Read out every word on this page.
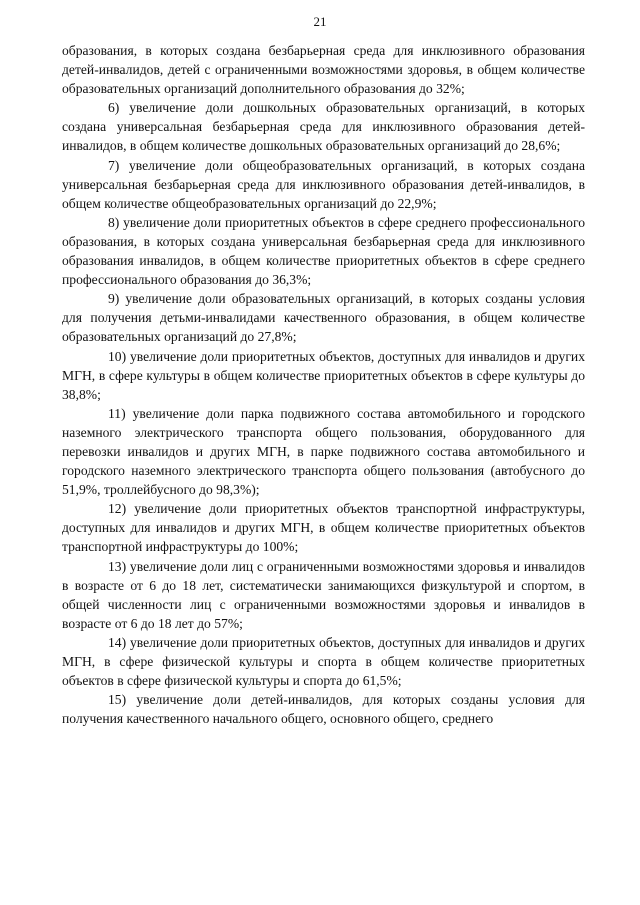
21

образования, в которых создана безбарьерная среда для инклюзивного образования детей-инвалидов, детей с ограниченными возможностями здоровья, в общем количестве образовательных организаций дополнительного образования до 32%;

6) увеличение доли дошкольных образовательных организаций, в которых создана универсальная безбарьерная среда для инклюзивного образования детей-инвалидов, в общем количестве дошкольных образовательных организаций до 28,6%;

7) увеличение доли общеобразовательных организаций, в которых создана универсальная безбарьерная среда для инклюзивного образования детей-инвалидов, в общем количестве общеобразовательных организаций до 22,9%;

8) увеличение доли приоритетных объектов в сфере среднего профессионального образования, в которых создана универсальная безбарьерная среда для инклюзивного образования инвалидов, в общем количестве приоритетных объектов в сфере среднего профессионального образования до 36,3%;

9) увеличение доли образовательных организаций, в которых созданы условия для получения детьми-инвалидами качественного образования, в общем количестве образовательных организаций до 27,8%;

10) увеличение доли приоритетных объектов, доступных для инвалидов и других МГН, в сфере культуры в общем количестве приоритетных объектов в сфере культуры до 38,8%;

11) увеличение доли парка подвижного состава автомобильного и городского наземного электрического транспорта общего пользования, оборудованного для перевозки инвалидов и других МГН, в парке подвижного состава автомобильного и городского наземного электрического транспорта общего пользования (автобусного до 51,9%, троллейбусного до 98,3%);

12) увеличение доли приоритетных объектов транспортной инфраструктуры, доступных для инвалидов и других МГН, в общем количестве приоритетных объектов транспортной инфраструктуры до 100%;

13) увеличение доли лиц с ограниченными возможностями здоровья и инвалидов в возрасте от 6 до 18 лет, систематически занимающихся физкультурой и спортом, в общей численности лиц с ограниченными возможностями здоровья и инвалидов в возрасте от 6 до 18 лет до 57%;

14) увеличение доли приоритетных объектов, доступных для инвалидов и других МГН, в сфере физической культуры и спорта в общем количестве приоритетных объектов в сфере физической культуры и спорта до 61,5%;

15) увеличение доли детей-инвалидов, для которых созданы условия для получения качественного начального общего, основного общего, среднего
